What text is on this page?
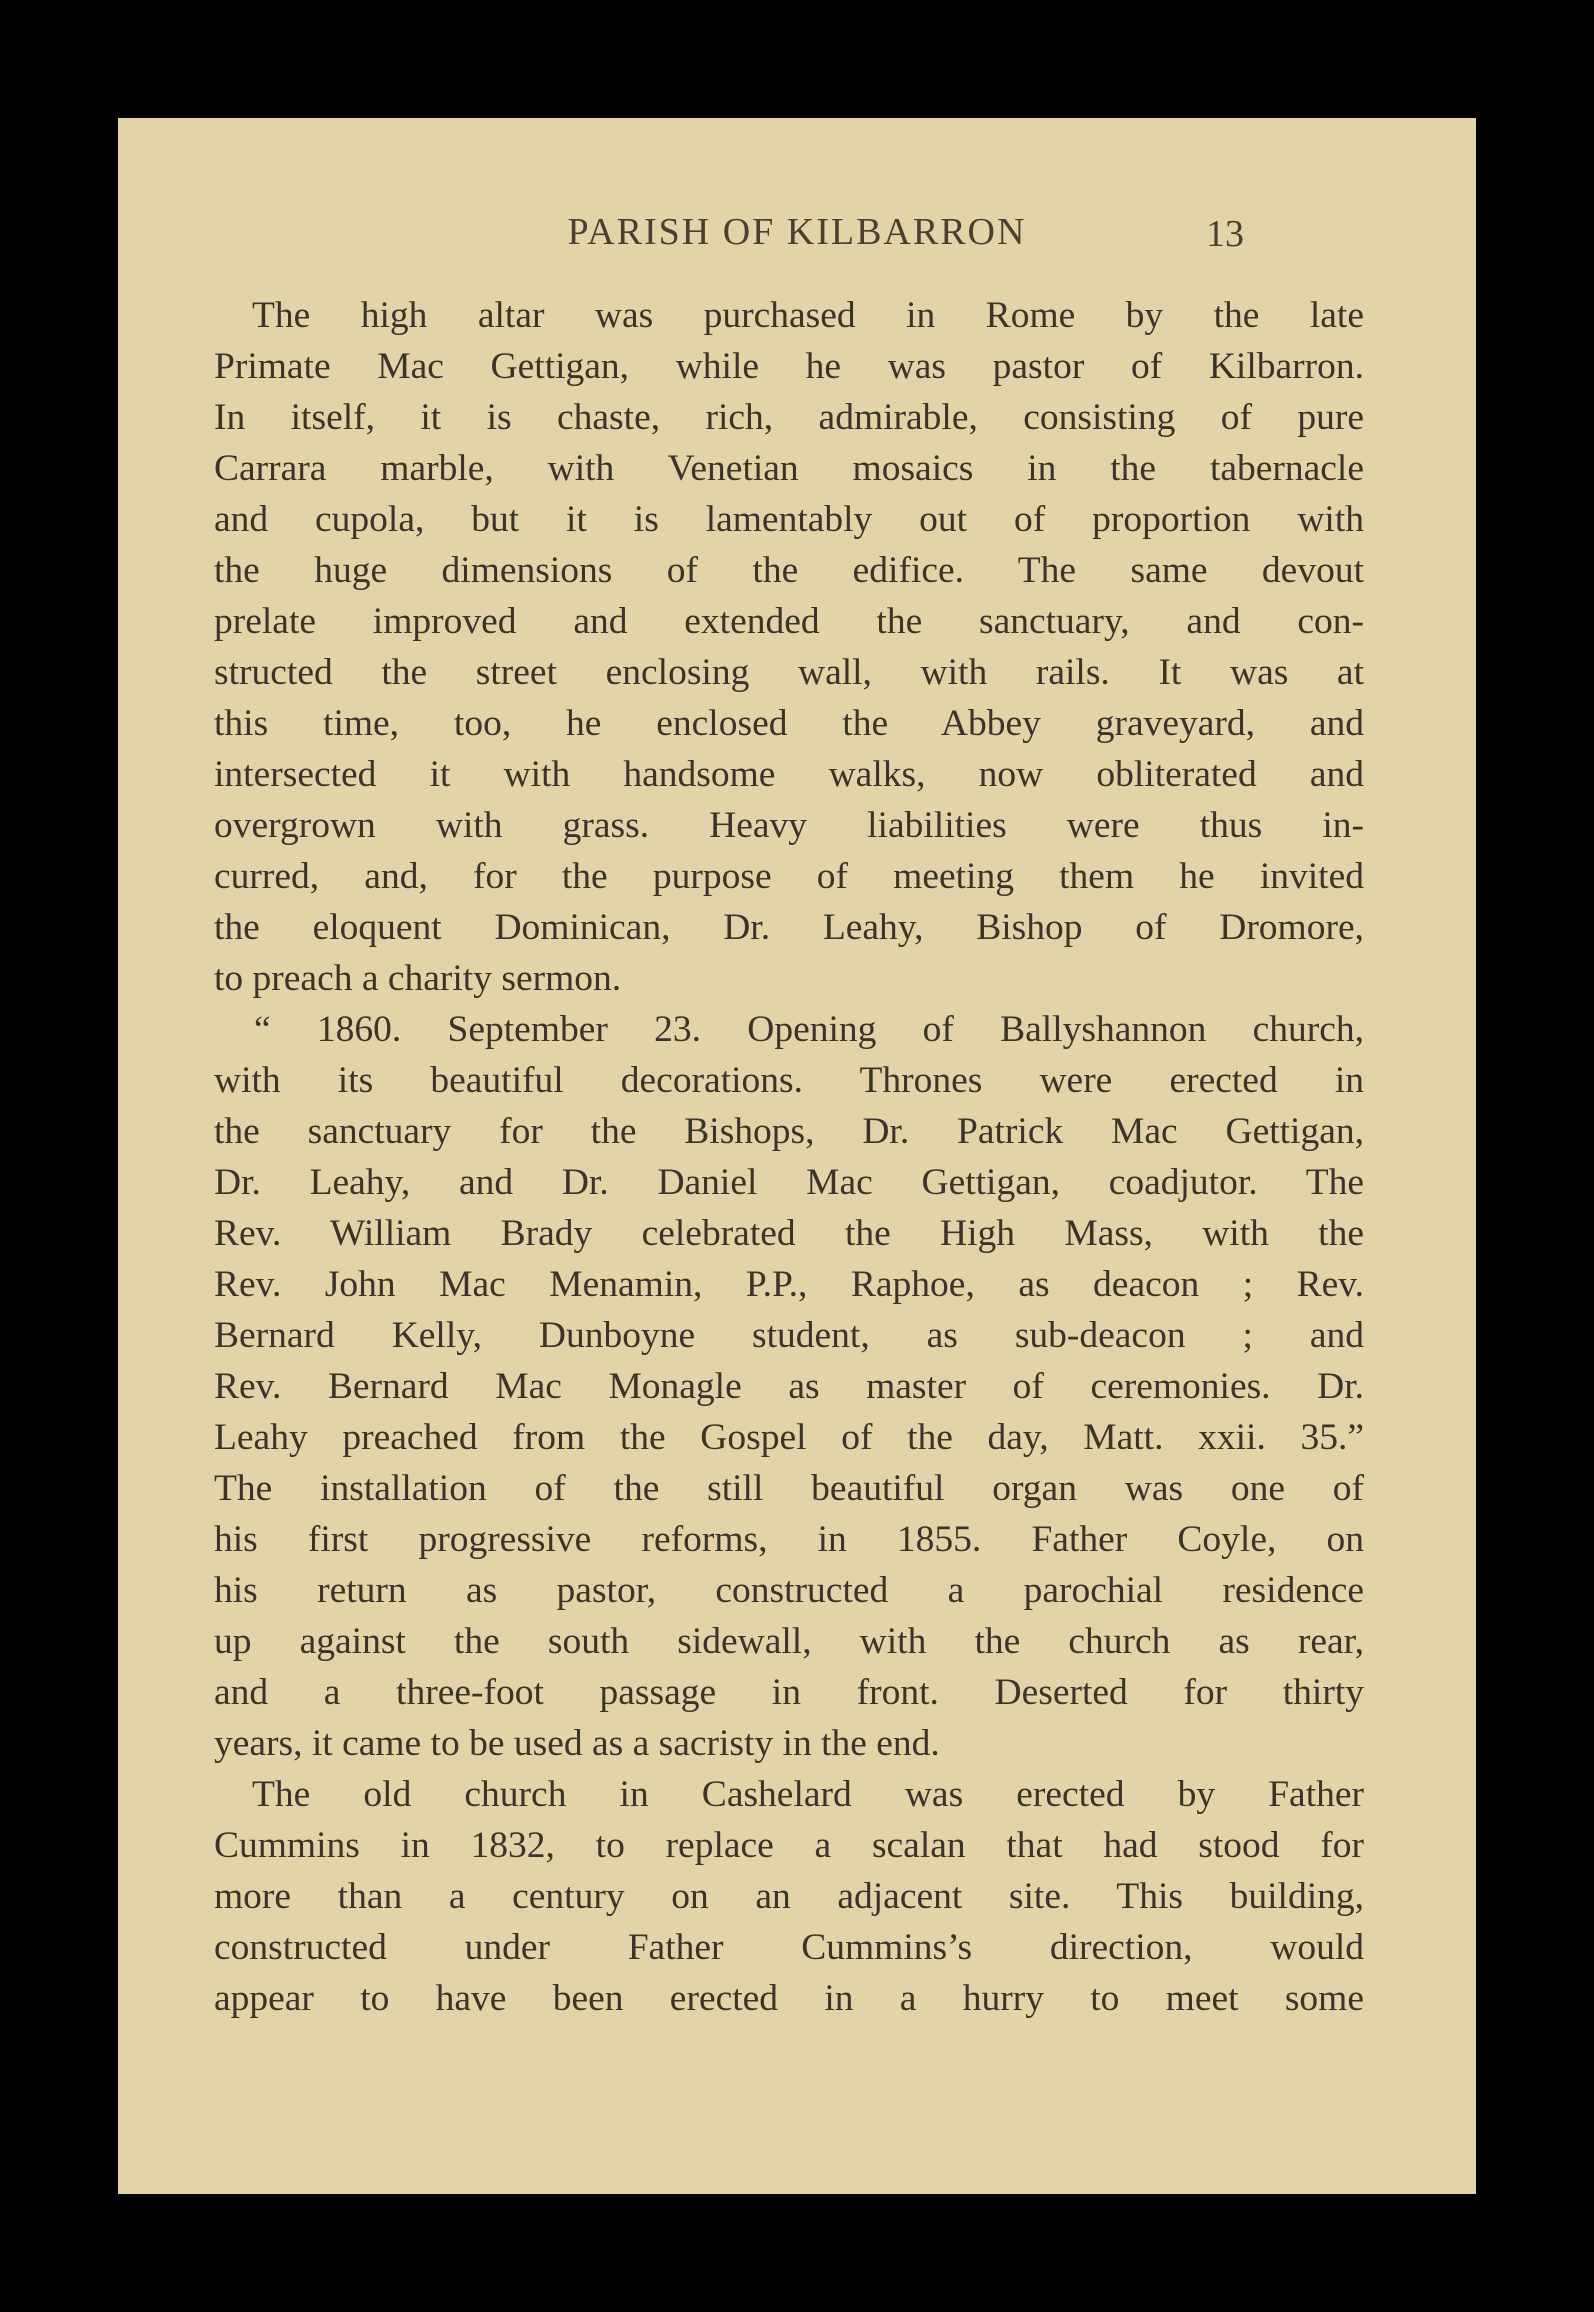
PARISH OF KILBARRON	13
The high altar was purchased in Rome by the late
Primate Mac Gettigan, while he was pastor of Kilbarron.
In itself, it is chaste, rich, admirable, consisting of pure
Carrara marble, with Venetian mosaics in the tabernacle
and cupola, but it is lamentably out of proportion with
the huge dimensions of the edifice. The same devout
prelate improved and extended the sanctuary, and con-
structed the street enclosing wall, with rails. It was at
this time, too, he enclosed the Abbey graveyard, and
intersected it with handsome walks, now obliterated and
overgrown with grass. Heavy liabilities were thus in-
curred, and, for the purpose of meeting them he invited
the eloquent Dominican, Dr. Leahy, Bishop of Dromore,
to preach a charity sermon.
“ 1860. September 23. Opening of Ballyshannon church,
with its beautiful decorations. Thrones were erected in
the sanctuary for the Bishops, Dr. Patrick Mac Gettigan,
Dr. Leahy, and Dr. Daniel Mac Gettigan, coadjutor. The
Rev. William Brady celebrated the High Mass, with the
Rev. John Mac Menamin, P.P., Raphoe, as deacon ; Rev.
Bernard Kelly, Dunboyne student, as sub-deacon ; and
Rev. Bernard Mac Monagle as master of ceremonies. Dr.
Leahy preached from the Gospel of the day, Matt. xxii. 35.”
The installation of the still beautiful organ was one of
his first progressive reforms, in 1855. Father Coyle, on
his return as pastor, constructed a parochial residence
up against the south sidewall, with the church as rear,
and a three-foot passage in front. Deserted for thirty
years, it came to be used as a sacristy in the end.
The old church in Cashelard was erected by Father
Cummins in 1832, to replace a scalan that had stood for
more than a century on an adjacent site. This building,
constructed under Father Cummins’s direction, would
appear to have been erected in a hurry to meet some
